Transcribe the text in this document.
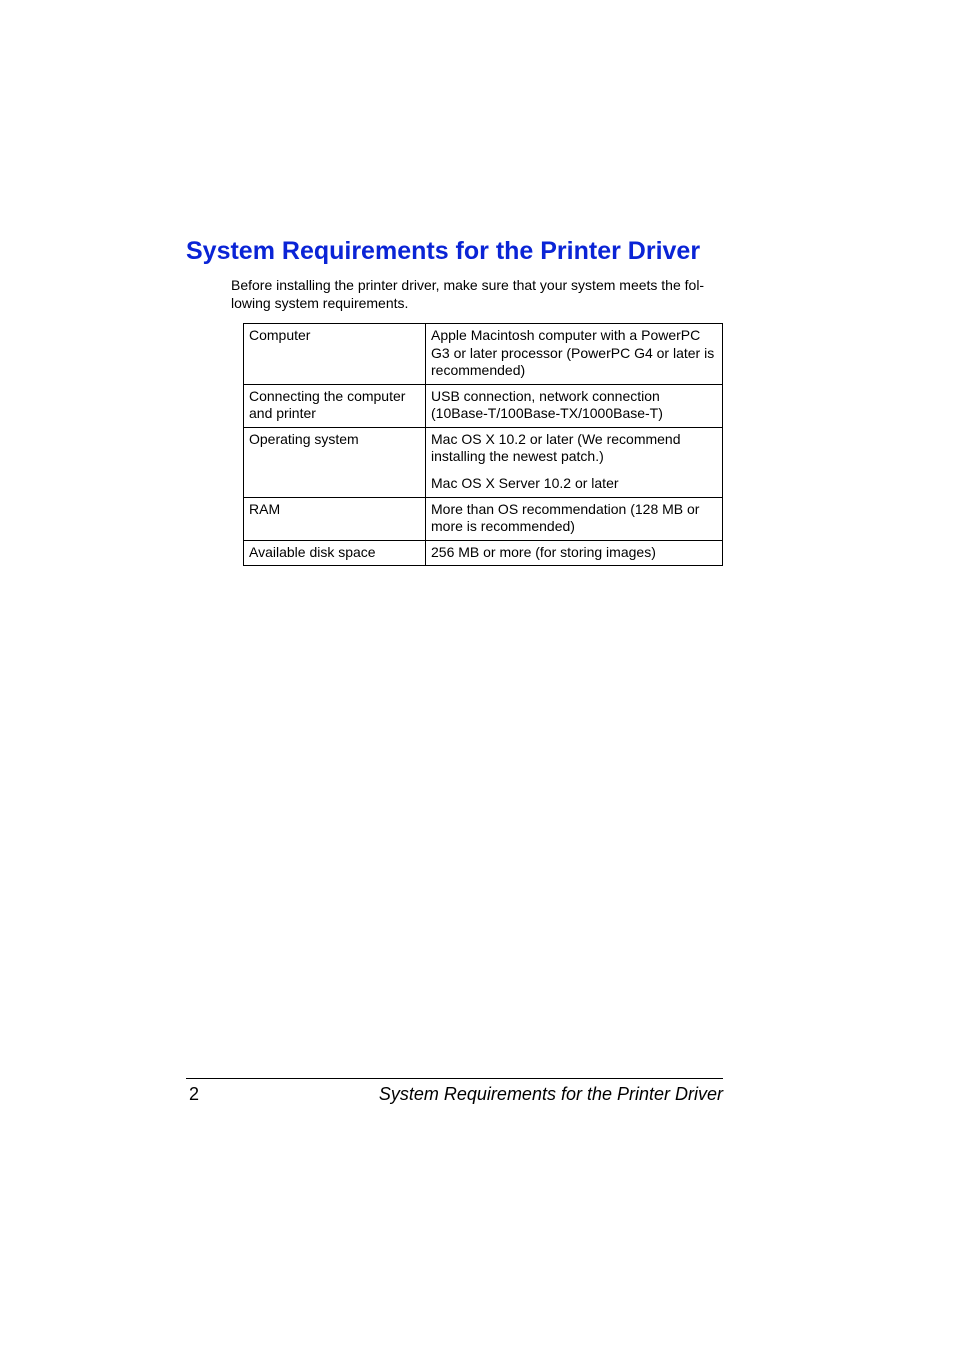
System Requirements for the Printer Driver
Before installing the printer driver, make sure that your system meets the fol-
lowing system requirements.
Computer	Apple Macintosh computer with a PowerPC
G3 or later processor (PowerPC G4 or later is
recommended)

Connecting the computer
and printer	USB connection, network connection
(10Base-T/100Base-TX/1000Base-T)

Operating system	Mac OS X 10.2 or later (We recommend
installing the newest patch.)
Mac OS X Server 10.2 or later

RAM	More than OS recommendation (128 MB or
more is recommended)

Available disk space	256 MB or more (for storing images)
2	System Requirements for the Printer Driver
